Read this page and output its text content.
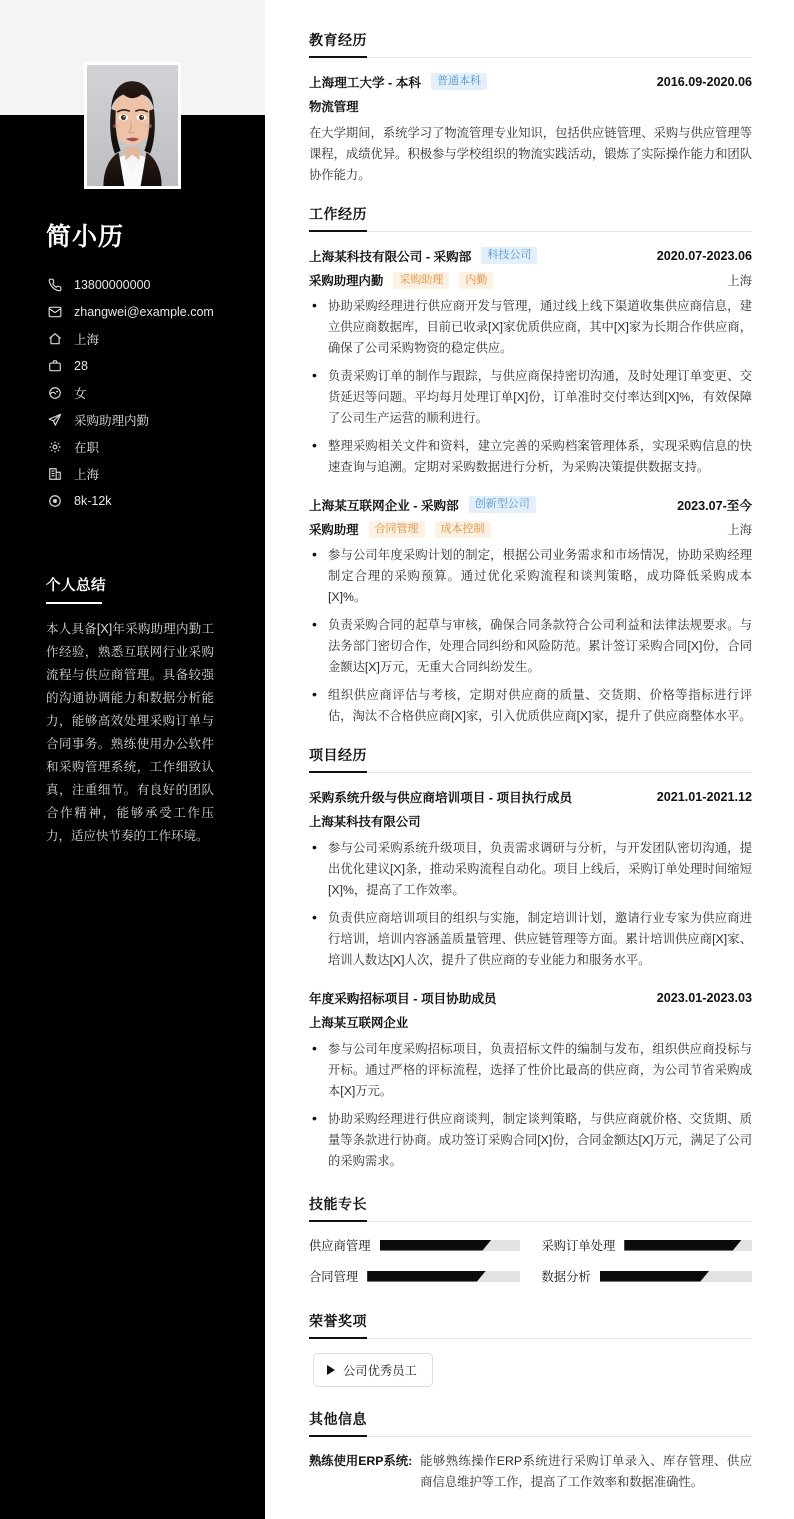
简小历
13800000000
zhangwei@example.com
上海
28
女
采购助理内勤
在职
上海
8k-12k
个人总结

本人具备[X]年采购助理内勤工作经验，熟悉互联网行业采购流程与供应商管理。具备较强的沟通协调能力和数据分析能力，能够高效处理采购订单与合同事务。熟练使用办公软件和采购管理系统，工作细致认真，注重细节。有良好的团队合作精神，能够承受工作压力，适应快节奏的工作环境。

教育经历
上海理工大学 - 本科	普通本科	2016.09-2020.06
物流管理

在大学期间，系统学习了物流管理专业知识，包括供应链管理、采购与供应管理等课程，成绩优异。积极参与学校组织的物流实践活动，锻炼了实际操作能力和团队协作能力。

工作经历
上海某科技有限公司 - 采购部	科技公司	2020.07-2023.06
采购助理内勤	采购助理	内勤	上海
• 协助采购经理进行供应商开发与管理，通过线上线下渠道收集供应商信息，建立供应商数据库，目前已收录[X]家优质供应商，其中[X]家为长期合作供应商，确保了公司采购物资的稳定供应。
• 负责采购订单的制作与跟踪，与供应商保持密切沟通，及时处理订单变更、交货延迟等问题。平均每月处理订单[X]份，订单准时交付率达到[X]%，有效保障了公司生产运营的顺利进行。
• 整理采购相关文件和资料，建立完善的采购档案管理体系，实现采购信息的快速查询与追溯。定期对采购数据进行分析，为采购决策提供数据支持。
上海某互联网企业 - 采购部	创新型公司	2023.07-至今
采购助理	合同管理	成本控制	上海
• 参与公司年度采购计划的制定，根据公司业务需求和市场情况，协助采购经理制定合理的采购预算。通过优化采购流程和谈判策略，成功降低采购成本[X]%。
• 负责采购合同的起草与审核，确保合同条款符合公司利益和法律法规要求。与法务部门密切合作，处理合同纠纷和风险防范。累计签订采购合同[X]份，合同金额达[X]万元，无重大合同纠纷发生。
• 组织供应商评估与考核，定期对供应商的质量、交货期、价格等指标进行评估，淘汰不合格供应商[X]家，引入优质供应商[X]家，提升了供应商整体水平。
项目经历
采购系统升级与供应商培训项目 - 项目执行成员	2021.01-2021.12
上海某科技有限公司
• 参与公司采购系统升级项目，负责需求调研与分析，与开发团队密切沟通，提出优化建议[X]条，推动采购流程自动化。项目上线后，采购订单处理时间缩短[X]%，提高了工作效率。
• 负责供应商培训项目的组织与实施，制定培训计划，邀请行业专家为供应商进行培训，培训内容涵盖质量管理、供应链管理等方面。累计培训供应商[X]家、培训人数达[X]人次，提升了供应商的专业能力和服务水平。
年度采购招标项目 - 项目协助成员	2023.01-2023.03
上海某互联网企业
• 参与公司年度采购招标项目，负责招标文件的编制与发布，组织供应商投标与开标。通过严格的评标流程，选择了性价比最高的供应商，为公司节省采购成本[X]万元。
• 协助采购经理进行供应商谈判，制定谈判策略，与供应商就价格、交货期、质量等条款进行协商。成功签订采购合同[X]份，合同金额达[X]万元，满足了公司的采购需求。
技能专长
供应商管理	采购订单处理
合同管理	数据分析
荣誉奖项
公司优秀员工
其他信息
熟练使用ERP系统: 能够熟练操作ERP系统进行采购订单录入、库存管理、供应商信息维护等工作，提高了工作效率和数据准确性。
